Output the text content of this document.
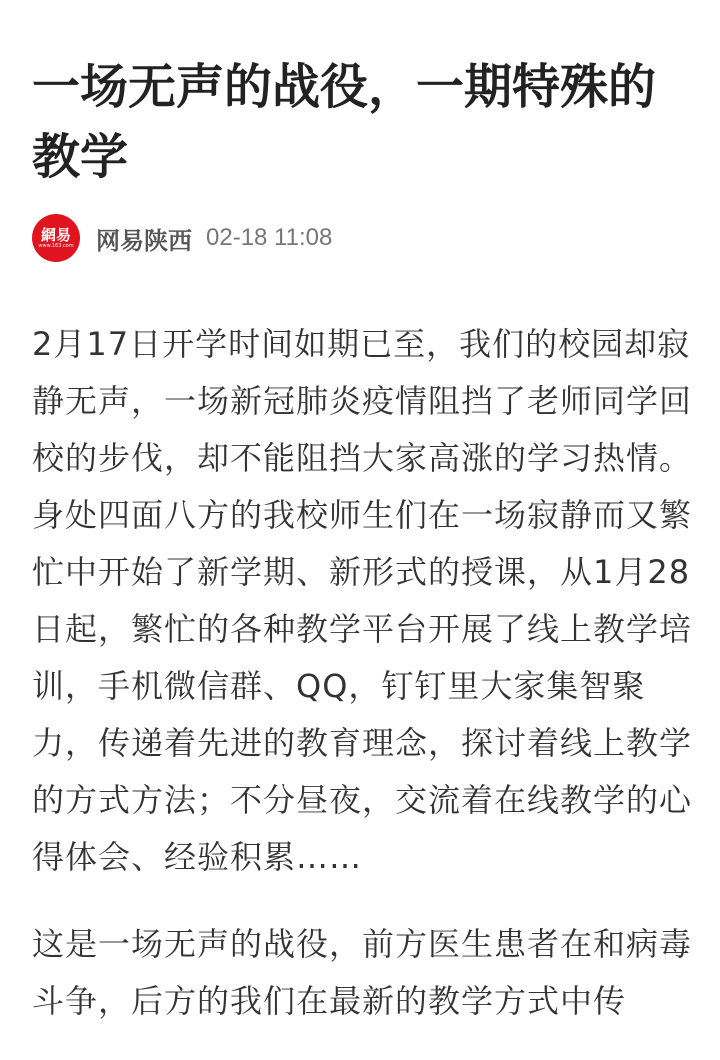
一场无声的战役，一期特殊的教学
網易
www.163.com 网易陕西 02-18 11:08

2月17日开学时间如期已至，我们的校园却寂静无声，一场新冠肺炎疫情阻挡了老师同学回校的步伐，却不能阻挡大家高涨的学习热情。身处四面八方的我校师生们在一场寂静而又繁忙中开始了新学期、新形式的授课，从1月28日起，繁忙的各种教学平台开展了线上教学培训，手机微信群、QQ，钉钉里大家集智聚力，传递着先进的教育理念，探讨着线上教学的方式方法；不分昼夜，交流着在线教学的心得体会、经验积累……

这是一场无声的战役，前方医生患者在和病毒斗争，后方的我们在最新的教学方式中传
